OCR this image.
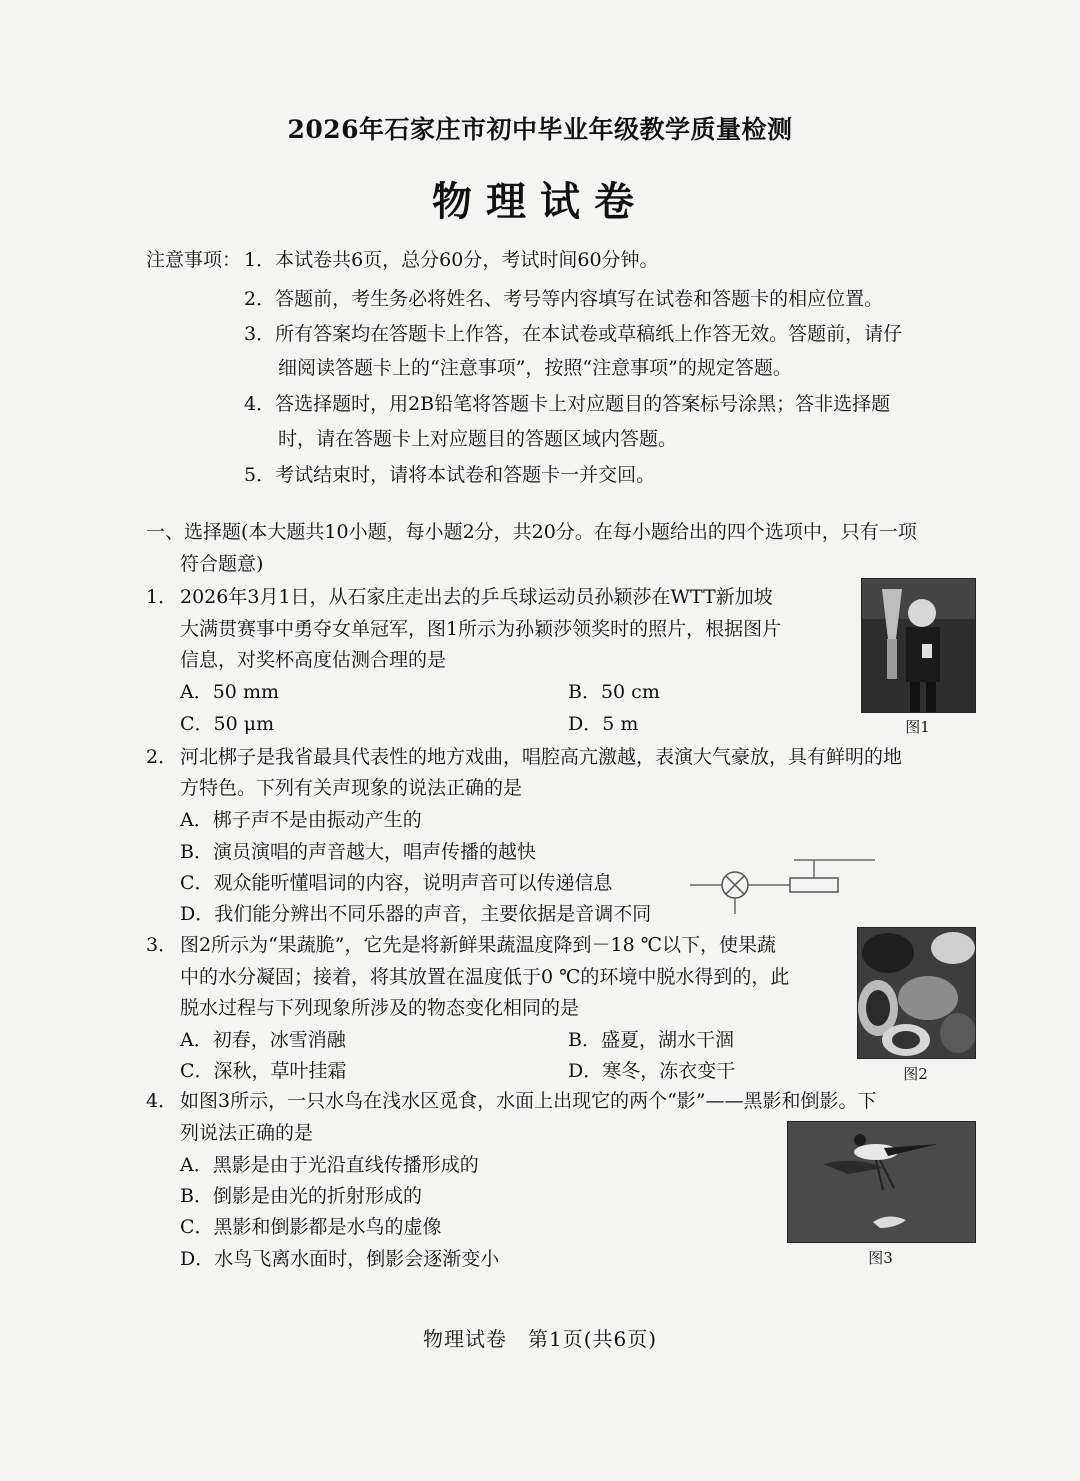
2026年石家庄市初中毕业年级教学质量检测
物理试卷
注意事项： 1．本试卷共6页，总分60分，考试时间60分钟。
2．答题前，考生务必将姓名、考号等内容填写在试卷和答题卡的相应位置。
3．所有答案均在答题卡上作答，在本试卷或草稿纸上作答无效。答题前，请仔
细阅读答题卡上的“注意事项”，按照“注意事项”的规定答题。
4．答选择题时，用2B铅笔将答题卡上对应题目的答案标号涂黑；答非选择题
时，请在答题卡上对应题目的答题区域内答题。
5．考试结束时，请将本试卷和答题卡一并交回。
一、选择题(本大题共10小题，每小题2分，共20分。在每小题给出的四个选项中，只有一项
符合题意)
1． 2026年3月1日，从石家庄走出去的乒乓球运动员孙颖莎在WTT新加坡
大满贯赛事中勇夺女单冠军，图1所示为孙颖莎领奖时的照片，根据图片
信息，对奖杯高度估测合理的是
A．50 mm	B．50 cm
C．50 μm	D．5 m	图1
2． 河北梆子是我省最具代表性的地方戏曲，唱腔高亢激越，表演大气豪放，具有鲜明的地
方特色。下列有关声现象的说法正确的是
A．梆子声不是由振动产生的
B．演员演唱的声音越大，唱声传播的越快
C．观众能听懂唱词的内容，说明声音可以传递信息
D．我们能分辨出不同乐器的声音，主要依据是音调不同
3． 图2所示为“果蔬脆”，它先是将新鲜果蔬温度降到－18 ℃以下，使果蔬
中的水分凝固；接着，将其放置在温度低于0 ℃的环境中脱水得到的，此
脱水过程与下列现象所涉及的物态变化相同的是
A．初春，冰雪消融	B．盛夏，湖水干涸
C．深秋，草叶挂霜	D．寒冬，冻衣变干	图2
4． 如图3所示，一只水鸟在浅水区觅食，水面上出现它的两个“影”——黑影和倒影。下
列说法正确的是
A．黑影是由于光沿直线传播形成的
B．倒影是由光的折射形成的
C．黑影和倒影都是水鸟的虚像
D．水鸟飞离水面时，倒影会逐渐变小	图3
物理试卷　第1页(共6页)
